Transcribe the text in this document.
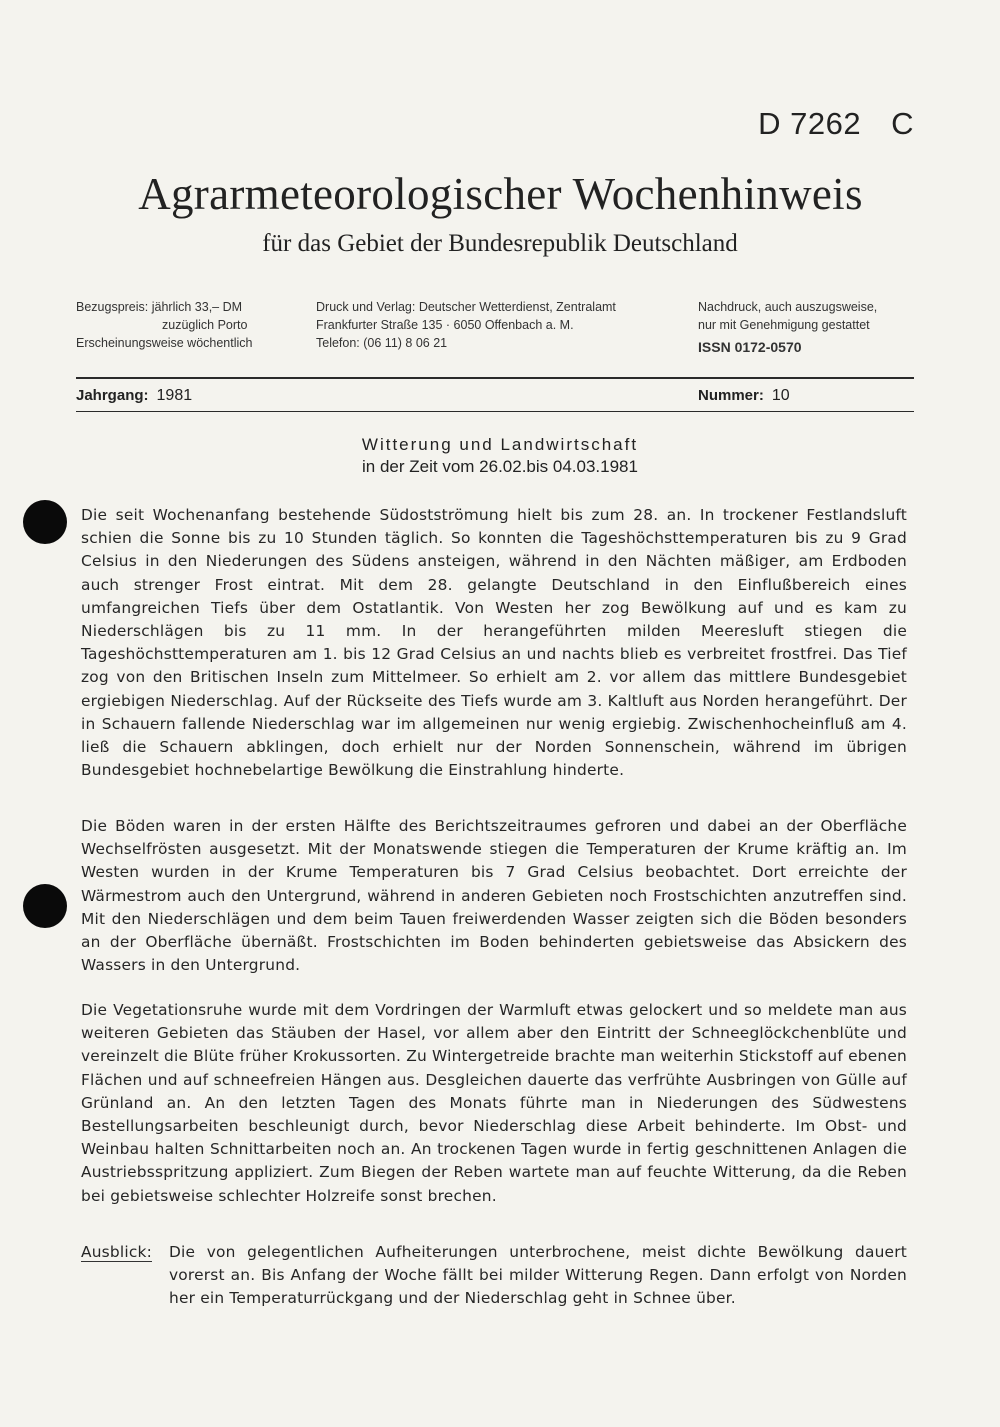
D 7262 C
Agrarmeteorologischer Wochenhinweis
für das Gebiet der Bundesrepublik Deutschland
Bezugspreis: jährlich 33,– DM
zuzüglich Porto
Erscheinungsweise wöchentlich
Druck und Verlag: Deutscher Wetterdienst, Zentralamt
Frankfurter Straße 135 · 6050 Offenbach a. M.
Telefon: (06 11) 8 06 21
Nachdruck, auch auszugsweise,
nur mit Genehmigung gestattet
ISSN 0172-0570
Jahrgang: 1981	Nummer: 10
Witterung und Landwirtschaft
in der Zeit vom 26.02.bis 04.03.1981
Die seit Wochenanfang bestehende Südostströmung hielt bis zum 28. an. In trockener Festlandsluft schien die Sonne bis zu 10 Stunden täglich. So konnten die Tageshöchsttemperaturen bis zu 9 Grad Celsius in den Niederungen des Südens ansteigen, während in den Nächten mäßiger, am Erdboden auch strenger Frost eintrat. Mit dem 28. gelangte Deutschland in den Einflußbereich eines umfangreichen Tiefs über dem Ostatlantik. Von Westen her zog Bewölkung auf und es kam zu Niederschlägen bis zu 11 mm. In der herangeführten milden Meeresluft stiegen die Tageshöchsttemperaturen am 1. bis 12 Grad Celsius an und nachts blieb es verbreitet frostfrei. Das Tief zog von den Britischen Inseln zum Mittelmeer. So erhielt am 2. vor allem das mittlere Bundesgebiet ergiebigen Niederschlag. Auf der Rückseite des Tiefs wurde am 3. Kaltluft aus Norden herangeführt. Der in Schauern fallende Niederschlag war im allgemeinen nur wenig ergiebig. Zwischenhocheinfluß am 4. ließ die Schauern abklingen, doch erhielt nur der Norden Sonnenschein, während im übrigen Bundesgebiet hochnebelartige Bewölkung die Einstrahlung hinderte.
Die Böden waren in der ersten Hälfte des Berichtszeitraumes gefroren und dabei an der Oberfläche Wechselfrösten ausgesetzt. Mit der Monatswende stiegen die Temperaturen der Krume kräftig an. Im Westen wurden in der Krume Temperaturen bis 7 Grad Celsius beobachtet. Dort erreichte der Wärmestrom auch den Untergrund, während in anderen Gebieten noch Frostschichten anzutreffen sind. Mit den Niederschlägen und dem beim Tauen freiwerdenden Wasser zeigten sich die Böden besonders an der Oberfläche übernäßt. Frostschichten im Boden behinderten gebietsweise das Absickern des Wassers in den Untergrund.
Die Vegetationsruhe wurde mit dem Vordringen der Warmluft etwas gelockert und so meldete man aus weiteren Gebieten das Stäuben der Hasel, vor allem aber den Eintritt der Schneeglöckchenblüte und vereinzelt die Blüte früher Krokussorten. Zu Wintergetreide brachte man weiterhin Stickstoff auf ebenen Flächen und auf schneefreien Hängen aus. Desgleichen dauerte das verfrühte Ausbringen von Gülle auf Grünland an. An den letzten Tagen des Monats führte man in Niederungen des Südwestens Bestellungsarbeiten beschleunigt durch, bevor Niederschlag diese Arbeit behinderte. Im Obst- und Weinbau halten Schnittarbeiten noch an. An trockenen Tagen wurde in fertig geschnittenen Anlagen die Austriebsspritzung appliziert. Zum Biegen der Reben wartete man auf feuchte Witterung, da die Reben bei gebietsweise schlechter Holzreife sonst brechen.
Ausblick:	Die von gelegentlichen Aufheiterungen unterbrochene, meist dichte Bewölkung dauert vorerst an. Bis Anfang der Woche fällt bei milder Witterung Regen. Dann erfolgt von Norden her ein Temperaturrückgang und der Niederschlag geht in Schnee über.
